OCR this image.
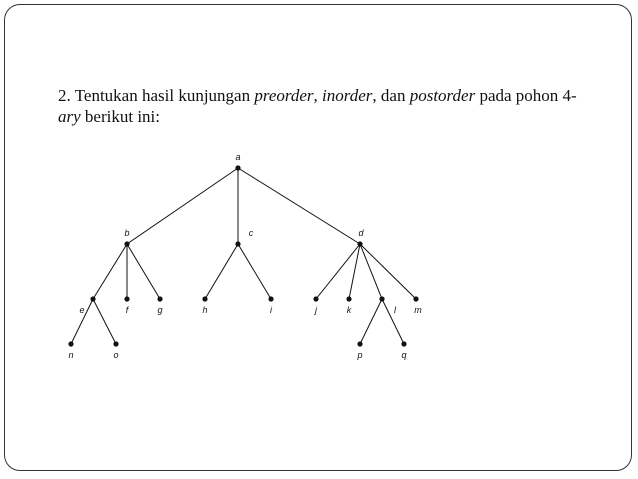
2. Tentukan hasil kunjungan preorder, inorder, dan postorder pada pohon 4-
ary berikut ini:
a
b	c	d
e	f	g	h	i	j	k	l m
n	o	p	q
